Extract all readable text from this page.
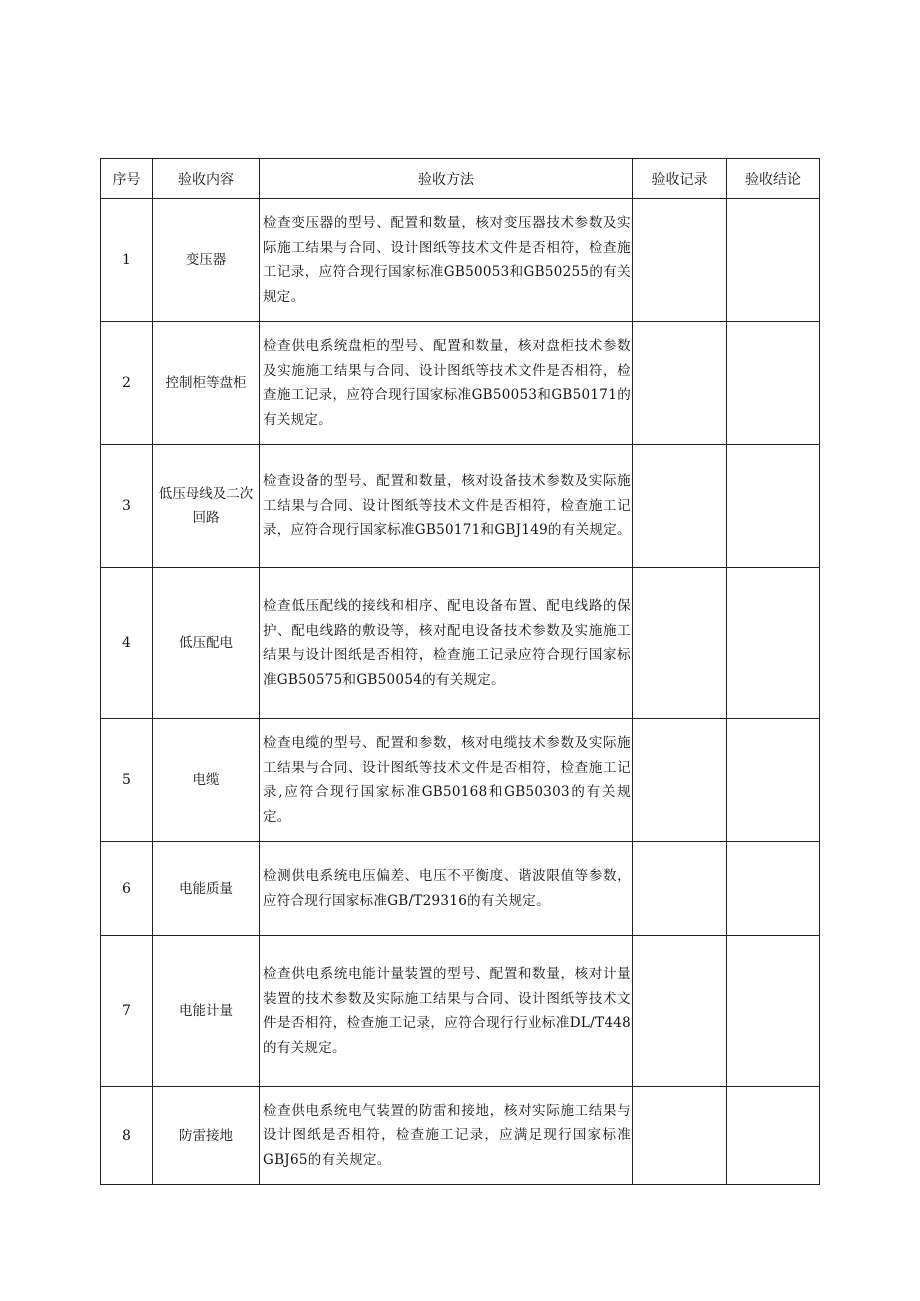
序号	验收内容	验收方法	验收记录	验收结论
1	变压器	检查变压器的型号、配置和数量，核对变压器技术参数及实际施工结果与合同、设计图纸等技术文件是否相符，检查施工记录，应符合现行国家标准GB50053和GB50255的有关规定。		
2	控制柜等盘柜	检查供电系统盘柜的型号、配置和数量，核对盘柜技术参数及实施施工结果与合同、设计图纸等技术文件是否相符，检查施工记录，应符合现行国家标准GB50053和GB50171的有关规定。		
3	低压母线及二次回路	检查设备的型号、配置和数量，核对设备技术参数及实际施工结果与合同、设计图纸等技术文件是否相符，检查施工记录，应符合现行国家标准GB50171和GBJ149的有关规定。		
4	低压配电	检查低压配线的接线和相序、配电设备布置、配电线路的保护、配电线路的敷设等，核对配电设备技术参数及实施施工结果与设计图纸是否相符，检查施工记录应符合现行国家标准GB50575和GB50054的有关规定。		
5	电缆	检查电缆的型号、配置和参数，核对电缆技术参数及实际施工结果与合同、设计图纸等技术文件是否相符，检查施工记录,应符合现行国家标准GB50168和GB50303的有关规定。		
6	电能质量	检测供电系统电压偏差、电压不平衡度、谐波限值等参数，应符合现行国家标准GB/T29316的有关规定。		
7	电能计量	检查供电系统电能计量装置的型号、配置和数量，核对计量装置的技术参数及实际施工结果与合同、设计图纸等技术文件是否相符，检查施工记录，应符合现行行业标准DL/T448的有关规定。		
8	防雷接地	检查供电系统电气装置的防雷和接地，核对实际施工结果与设计图纸是否相符，检查施工记录，应满足现行国家标准GBJ65的有关规定。		
